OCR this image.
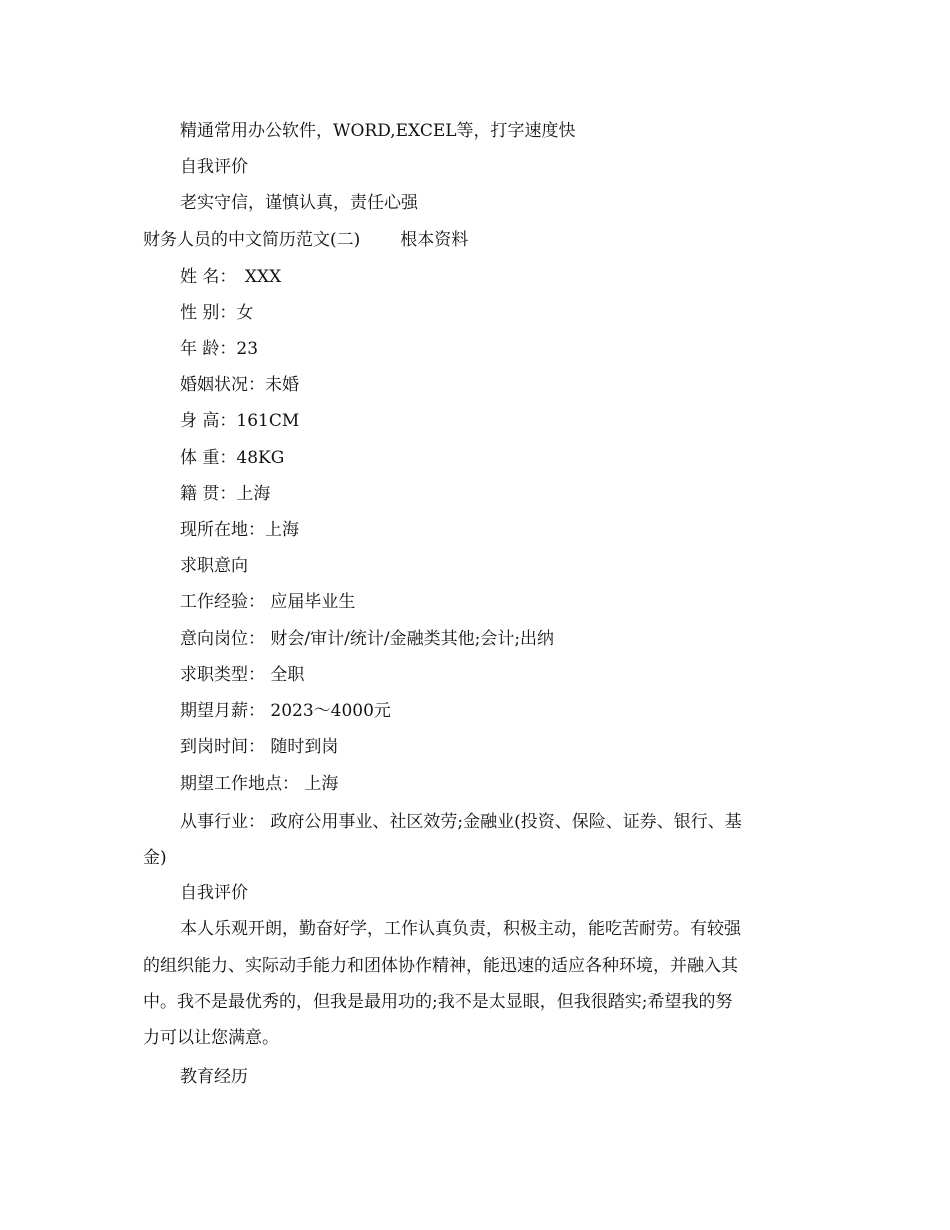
精通常用办公软件，WORD,EXCEL等，打字速度快
自我评价
老实守信，谨慎认真，责任心强
财务人员的中文简历范文(二) 根本资料
姓 名：　XXX
性 别：女
年 龄：23
婚姻状况：未婚
身 高：161CM
体 重：48KG
籍 贯：上海
现所在地：上海
求职意向
工作经验： 应届毕业生
意向岗位： 财会/审计/统计/金融类其他;会计;出纳
求职类型： 全职
期望月薪： 2023～4000元
到岗时间： 随时到岗
期望工作地点： 上海
从事行业： 政府公用事业、社区效劳;金融业(投资、保险、证券、银行、基
金)
自我评价
本人乐观开朗，勤奋好学，工作认真负责，积极主动，能吃苦耐劳。有较强
的组织能力、实际动手能力和团体协作精神，能迅速的适应各种环境，并融入其
中。我不是最优秀的，但我是最用功的;我不是太显眼，但我很踏实;希望我的努
力可以让您满意。
教育经历
